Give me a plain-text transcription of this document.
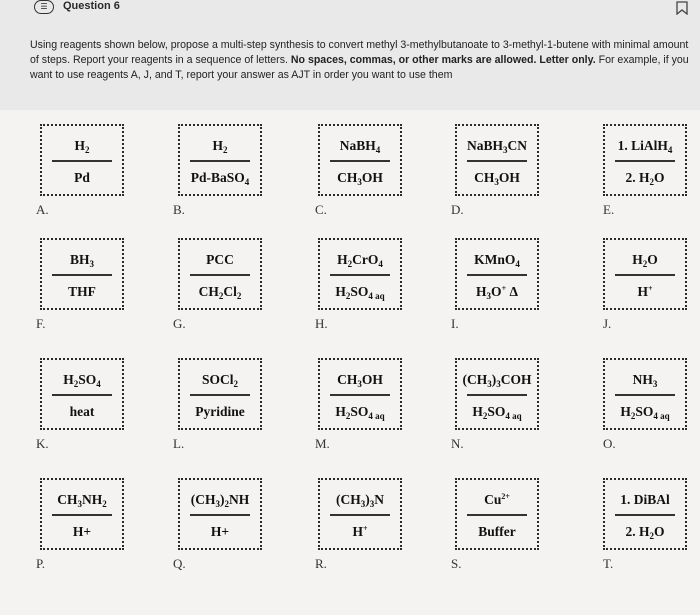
☰	Question 6
Using reagents shown below, propose a multi-step synthesis to convert methyl 3-methylbutanoate to 3-methyl-1-butene with minimal amount of steps. Report your reagents in a sequence of letters. No spaces, commas, or other marks are allowed. Letter only. For example, if you want to use reagents A, J, and T, report your answer as AJT in order you want to use them
$H_2$
Pd
A.
$H_2$
Pd-BaSO$_4$
B.
NaBH$_4$
$CH_3OH$
C.
NaBH$_3$CN
$CH_3OH$
D.
1. LiAlH$_4$
2. $H_2O$
E.
$BH_3$
THF
F.
PCC
$CH_2Cl_2$
G.
$H_2CrO_4$
$H_2SO_{4 aq}$
H.
KMnO$_4$
$H_3O^+$ Δ
I.
$H_2O$
H+
J.
$H_2SO_4$
heat
K.
SOCl$_2$
Pyridine
L.
$CH_3OH$
$H_2SO_{4 aq}$
M.
$(CH_3)_3COH$
$H_2SO_{4 aq}$
N.
$NH_3$
$H_2SO_{4 aq}$
O.
$CH_3NH_2$
H+
P.
$(CH_3)_2NH$
H+
Q.
$(CH_3)_3N$
H+
R.
$Cu^{2+}$
Buffer
S.
1. DiBAl
2. $H_2O$
T.
